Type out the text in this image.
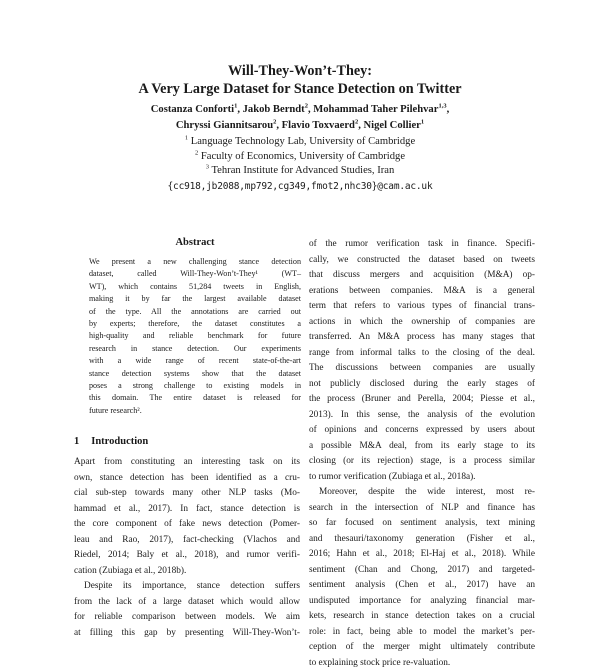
Will-They-Won’t-They:
A Very Large Dataset for Stance Detection on Twitter
Costanza Conforti$^1$, Jakob Berndt$^2$, Mohammad Taher Pilehvar$^{1,3}$,
Chryssi Giannitsarou$^2$, Flavio Toxvaerd$^2$, Nigel Collier$^1$
$^1$ Language Technology Lab, University of Cambridge
$^2$ Faculty of Economics, University of Cambridge
$^3$ Tehran Institute for Advanced Studies, Iran
{cc918,jb2088,mp792,cg349,fmot2,nhc30}@cam.ac.uk
Abstract
We present a new challenging stance detection
dataset, called Will-They-Won’t-They¹ (WT–
WT), which contains 51,284 tweets in English,
making it by far the largest available dataset
of the type. All the annotations are carried out
by experts; therefore, the dataset constitutes a
high-quality and reliable benchmark for future
research in stance detection. Our experiments
with a wide range of recent state-of-the-art
stance detection systems show that the dataset
poses a strong challenge to existing models in
this domain. The entire dataset is released for
future research².
1 Introduction
Apart from constituting an interesting task on its
own, stance detection has been identified as a cru-
cial sub-step towards many other NLP tasks (Mo-
hammad et al., 2017). In fact, stance detection is
the core component of fake news detection (Pomer-
leau and Rao, 2017), fact-checking (Vlachos and
Riedel, 2014; Baly et al., 2018), and rumor verifi-
cation (Zubiaga et al., 2018b).
Despite its importance, stance detection suffers
from the lack of a large dataset which would allow
for reliable comparison between models. We aim
at filling this gap by presenting Will-They-Won’t-
of the rumor verification task in finance. Specifi-
cally, we constructed the dataset based on tweets
that discuss mergers and acquisition (M&A) op-
erations between companies. M&A is a general
term that refers to various types of financial trans-
actions in which the ownership of companies are
transferred. An M&A process has many stages that
range from informal talks to the closing of the deal.
The discussions between companies are usually
not publicly disclosed during the early stages of
the process (Bruner and Perella, 2004; Piesse et al.,
2013). In this sense, the analysis of the evolution
of opinions and concerns expressed by users about
a possible M&A deal, from its early stage to its
closing (or its rejection) stage, is a process similar
to rumor verification (Zubiaga et al., 2018a).
Moreover, despite the wide interest, most re-
search in the intersection of NLP and finance has
so far focused on sentiment analysis, text mining
and thesauri/taxonomy generation (Fisher et al.,
2016; Hahn et al., 2018; El-Haj et al., 2018). While
sentiment (Chan and Chong, 2017) and targeted-
sentiment analysis (Chen et al., 2017) have an
undisputed importance for analyzing financial mar-
kets, research in stance detection takes on a crucial
role: in fact, being able to model the market’s per-
ception of the merger might ultimately contribute
to explaining stock price re-valuation.
